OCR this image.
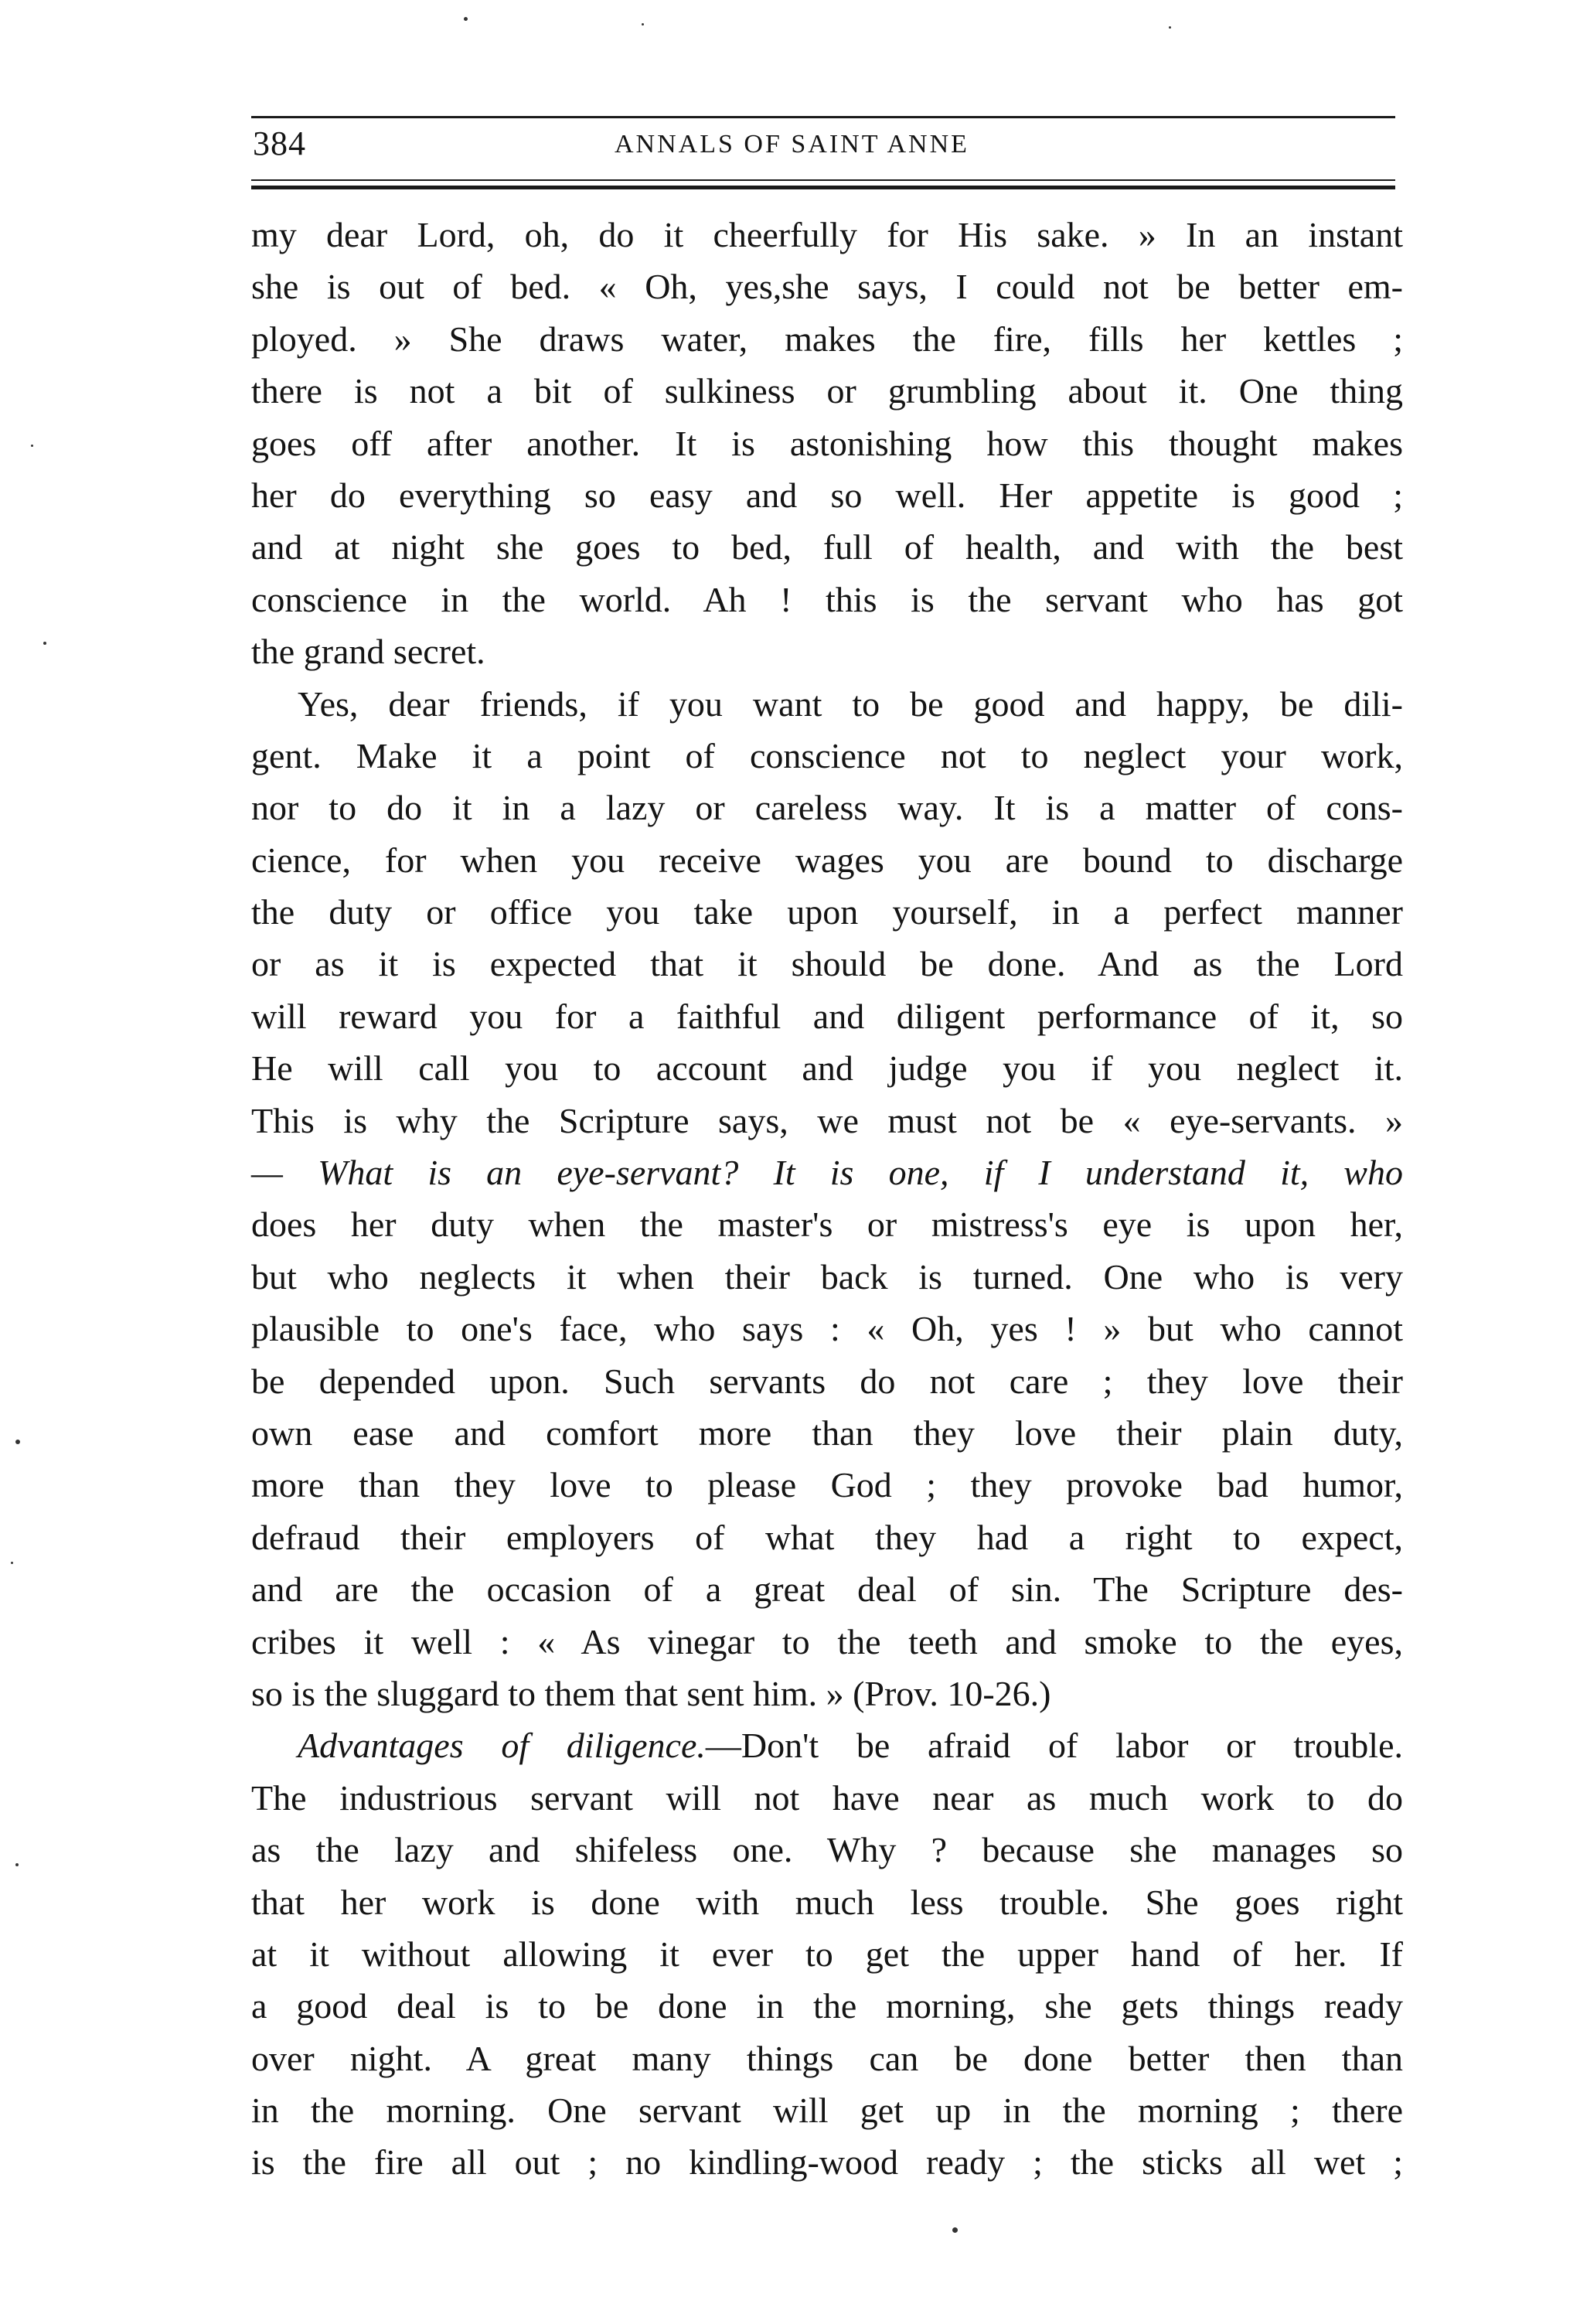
384	ANNALS OF SAINT ANNE
my dear Lord, oh, do it cheerfully for His sake. » In an instant
she is out of bed. « Oh, yes,she says, I could not be better em-
ployed. » She draws water, makes the fire, fills her kettles ;
there is not a bit of sulkiness or grumbling about it. One thing
goes off after another. It is astonishing how this thought makes
her do everything so easy and so well. Her appetite is good ;
and at night she goes to bed, full of health, and with the best
conscience in the world. Ah ! this is the servant who has got
the grand secret.
Yes, dear friends, if you want to be good and happy, be dili-
gent. Make it a point of conscience not to neglect your work,
nor to do it in a lazy or careless way. It is a matter of cons-
cience, for when you receive wages you are bound to discharge
the duty or office you take upon yourself, in a perfect manner
or as it is expected that it should be done. And as the Lord
will reward you for a faithful and diligent performance of it, so
He will call you to account and judge you if you neglect it.
This is why the Scripture says, we must not be « eye-servants. »
— What is an eye-servant? It is one, if I understand it, who
does her duty when the master's or mistress's eye is upon her,
but who neglects it when their back is turned. One who is very
plausible to one's face, who says : « Oh, yes ! » but who cannot
be depended upon. Such servants do not care ; they love their
own ease and comfort more than they love their plain duty,
more than they love to please God ; they provoke bad humor,
defraud their employers of what they had a right to expect,
and are the occasion of a great deal of sin. The Scripture des-
cribes it well : « As vinegar to the teeth and smoke to the eyes,
so is the sluggard to them that sent him. » (Prov. 10-26.)
Advantages of diligence.—Don't be afraid of labor or trouble.
The industrious servant will not have near as much work to do
as the lazy and shifeless one. Why ? because she manages so
that her work is done with much less trouble. She goes right
at it without allowing it ever to get the upper hand of her. If
a good deal is to be done in the morning, she gets things ready
over night. A great many things can be done better then than
in the morning. One servant will get up in the morning ; there
is the fire all out ; no kindling-wood ready ; the sticks all wet ;
